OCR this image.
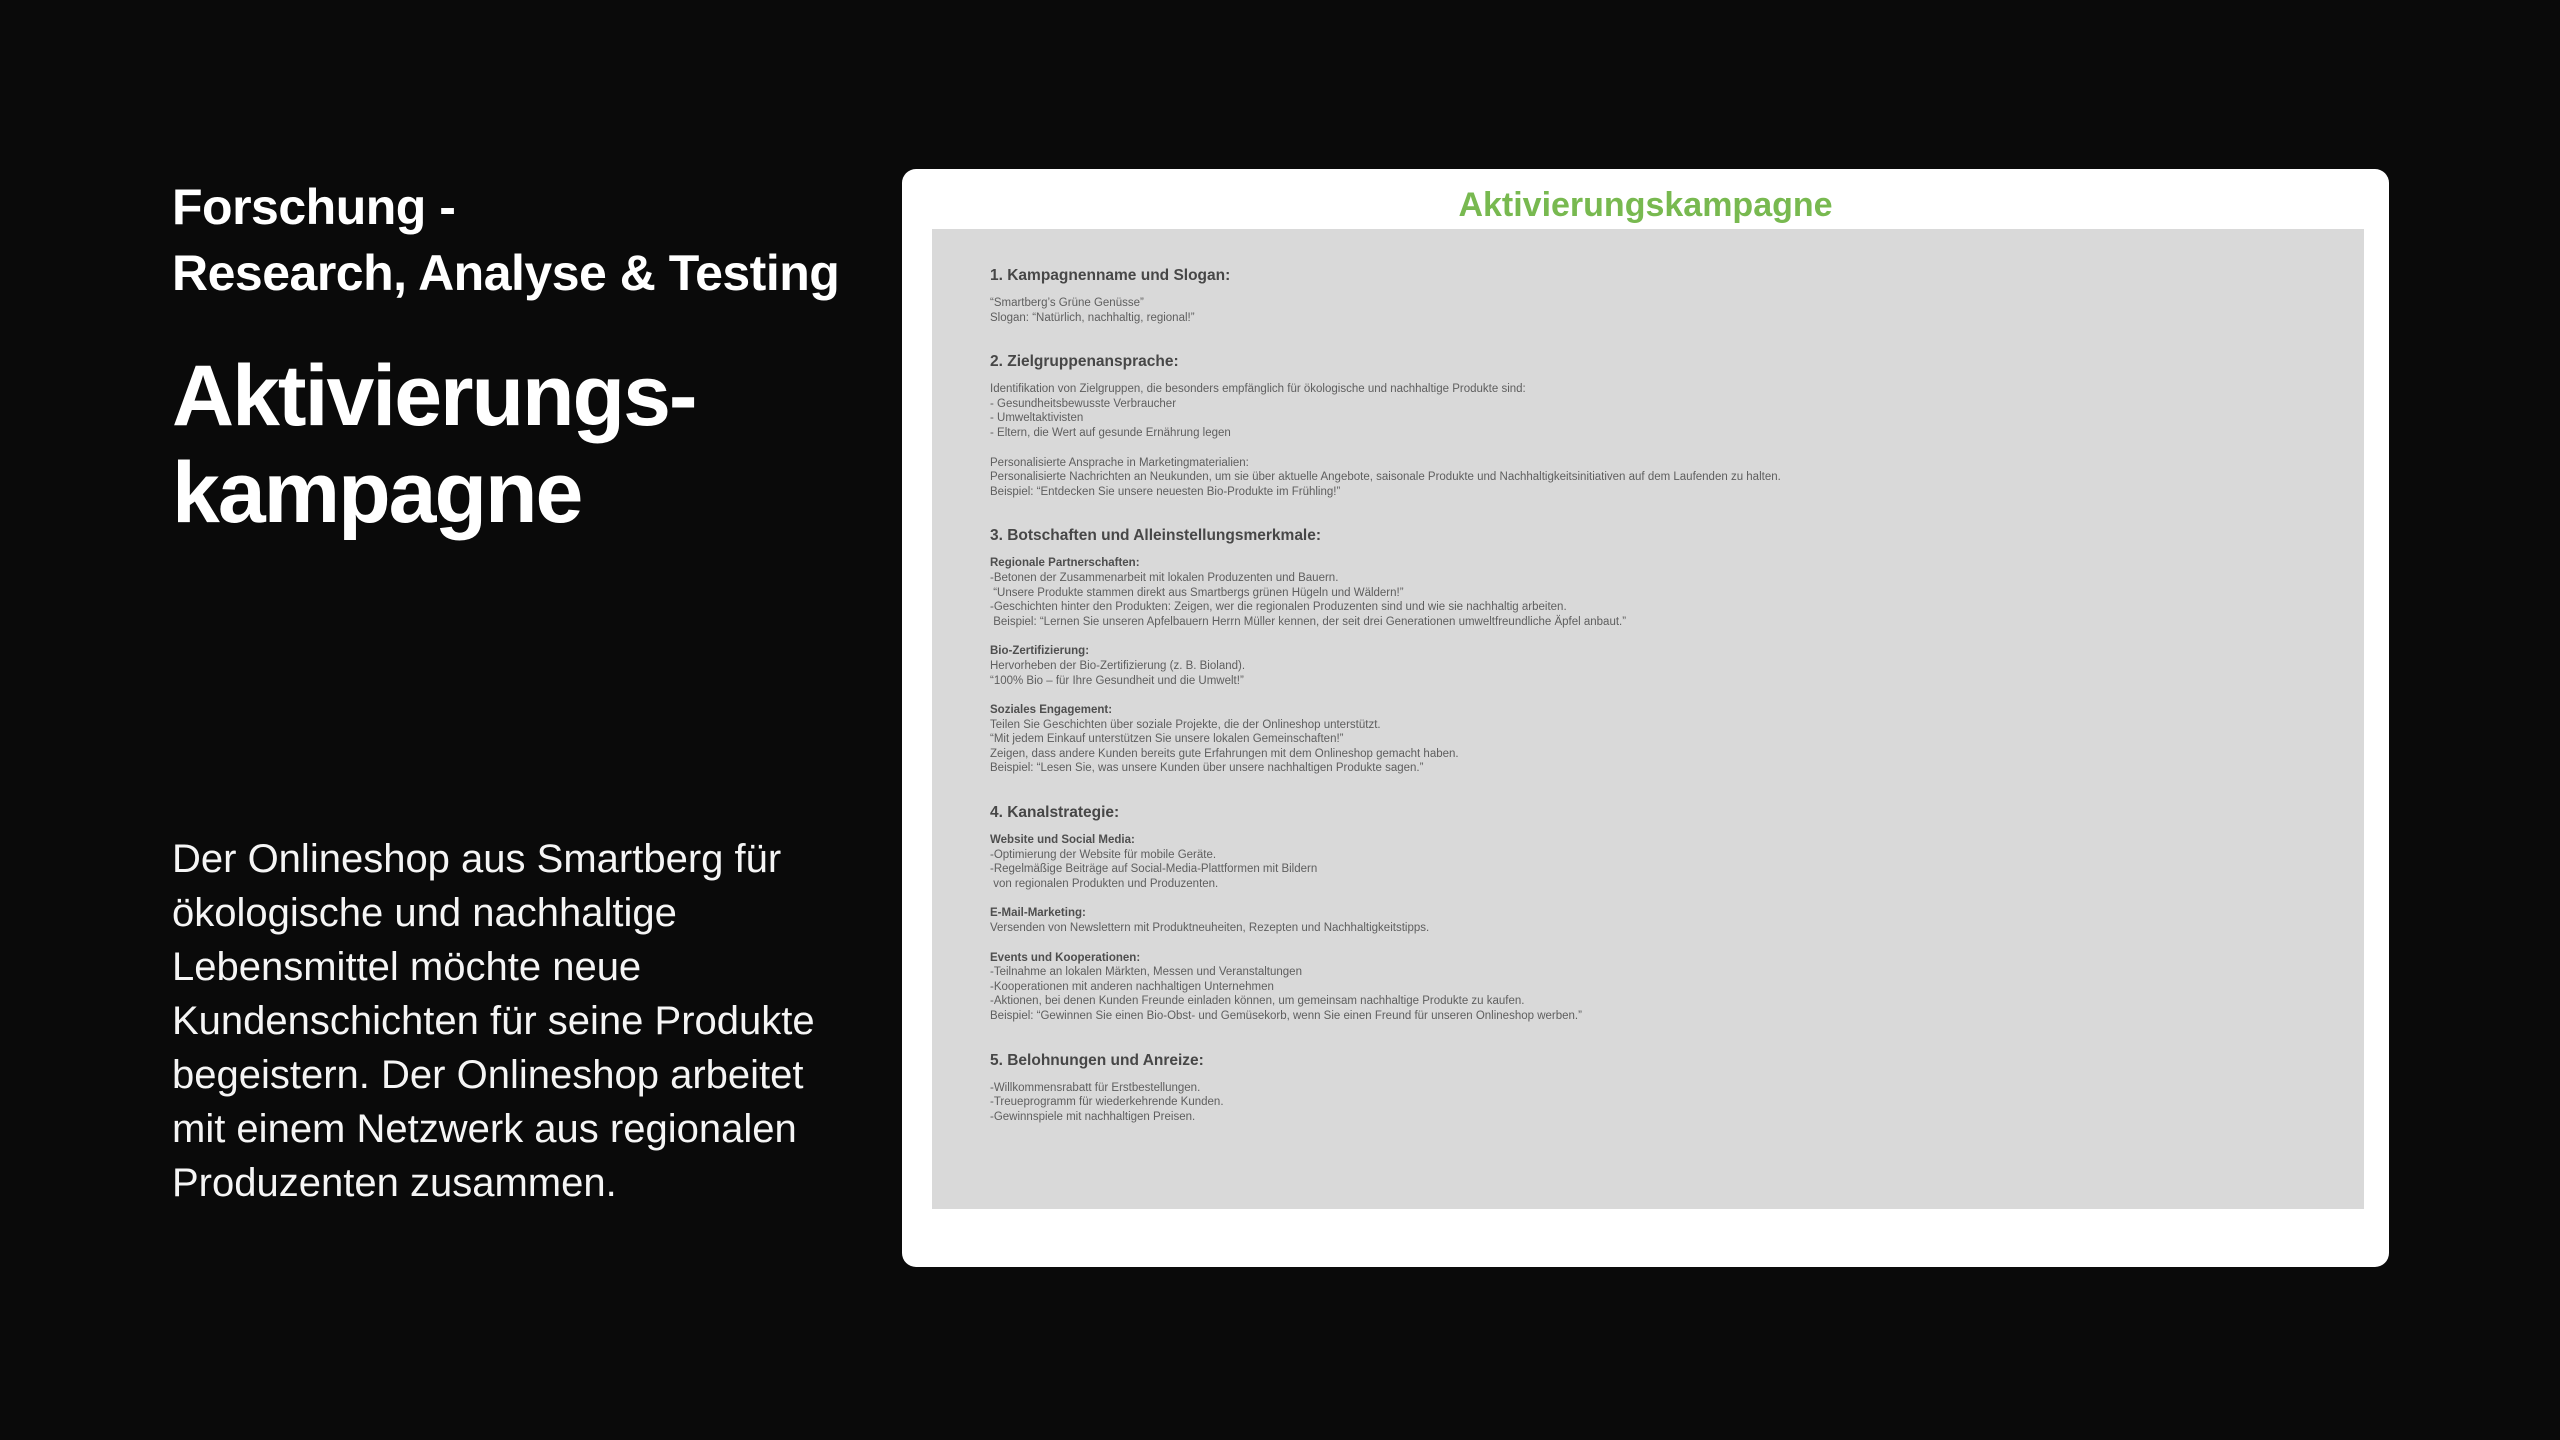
Forschung -
Research, Analyse & Testing
Aktivierungs-
kampagne

Der Onlineshop aus Smartberg für ökologische und nachhaltige Lebensmittel möchte neue Kundenschichten für seine Produkte begeistern. Der Onlineshop arbeitet mit einem Netzwerk aus regionalen Produzenten zusammen.

Aktivierungskampagne
1. Kampagnenname und Slogan:
“Smartberg’s Grüne Genüsse”
Slogan: “Natürlich, nachhaltig, regional!”
2. Zielgruppenansprache:
Identifikation von Zielgruppen, die besonders empfänglich für ökologische und nachhaltige Produkte sind:
- Gesundheitsbewusste Verbraucher
- Umweltaktivisten
- Eltern, die Wert auf gesunde Ernährung legen
Personalisierte Ansprache in Marketingmaterialien:
Personalisierte Nachrichten an Neukunden, um sie über aktuelle Angebote, saisonale Produkte und Nachhaltigkeitsinitiativen auf dem Laufenden zu halten.
Beispiel: “Entdecken Sie unsere neuesten Bio-Produkte im Frühling!”
3. Botschaften und Alleinstellungsmerkmale:
Regionale Partnerschaften:
-Betonen der Zusammenarbeit mit lokalen Produzenten und Bauern.
“Unsere Produkte stammen direkt aus Smartbergs grünen Hügeln und Wäldern!”
-Geschichten hinter den Produkten: Zeigen, wer die regionalen Produzenten sind und wie sie nachhaltig arbeiten.
Beispiel: “Lernen Sie unseren Apfelbauern Herrn Müller kennen, der seit drei Generationen umweltfreundliche Äpfel anbaut.”
Bio-Zertifizierung:
Hervorheben der Bio-Zertifizierung (z. B. Bioland).
“100% Bio – für Ihre Gesundheit und die Umwelt!”
Soziales Engagement:
Teilen Sie Geschichten über soziale Projekte, die der Onlineshop unterstützt.
“Mit jedem Einkauf unterstützen Sie unsere lokalen Gemeinschaften!”
Zeigen, dass andere Kunden bereits gute Erfahrungen mit dem Onlineshop gemacht haben.
Beispiel: “Lesen Sie, was unsere Kunden über unsere nachhaltigen Produkte sagen.”
4. Kanalstrategie:
Website und Social Media:
-Optimierung der Website für mobile Geräte.
-Regelmäßige Beiträge auf Social-Media-Plattformen mit Bildern
von regionalen Produkten und Produzenten.
E-Mail-Marketing:
Versenden von Newslettern mit Produktneuheiten, Rezepten und Nachhaltigkeitstipps.
Events und Kooperationen:
-Teilnahme an lokalen Märkten, Messen und Veranstaltungen
-Kooperationen mit anderen nachhaltigen Unternehmen
-Aktionen, bei denen Kunden Freunde einladen können, um gemeinsam nachhaltige Produkte zu kaufen.
Beispiel: “Gewinnen Sie einen Bio-Obst- und Gemüsekorb, wenn Sie einen Freund für unseren Onlineshop werben.”
5. Belohnungen und Anreize:
-Willkommensrabatt für Erstbestellungen.
-Treueprogramm für wiederkehrende Kunden.
-Gewinnspiele mit nachhaltigen Preisen.
